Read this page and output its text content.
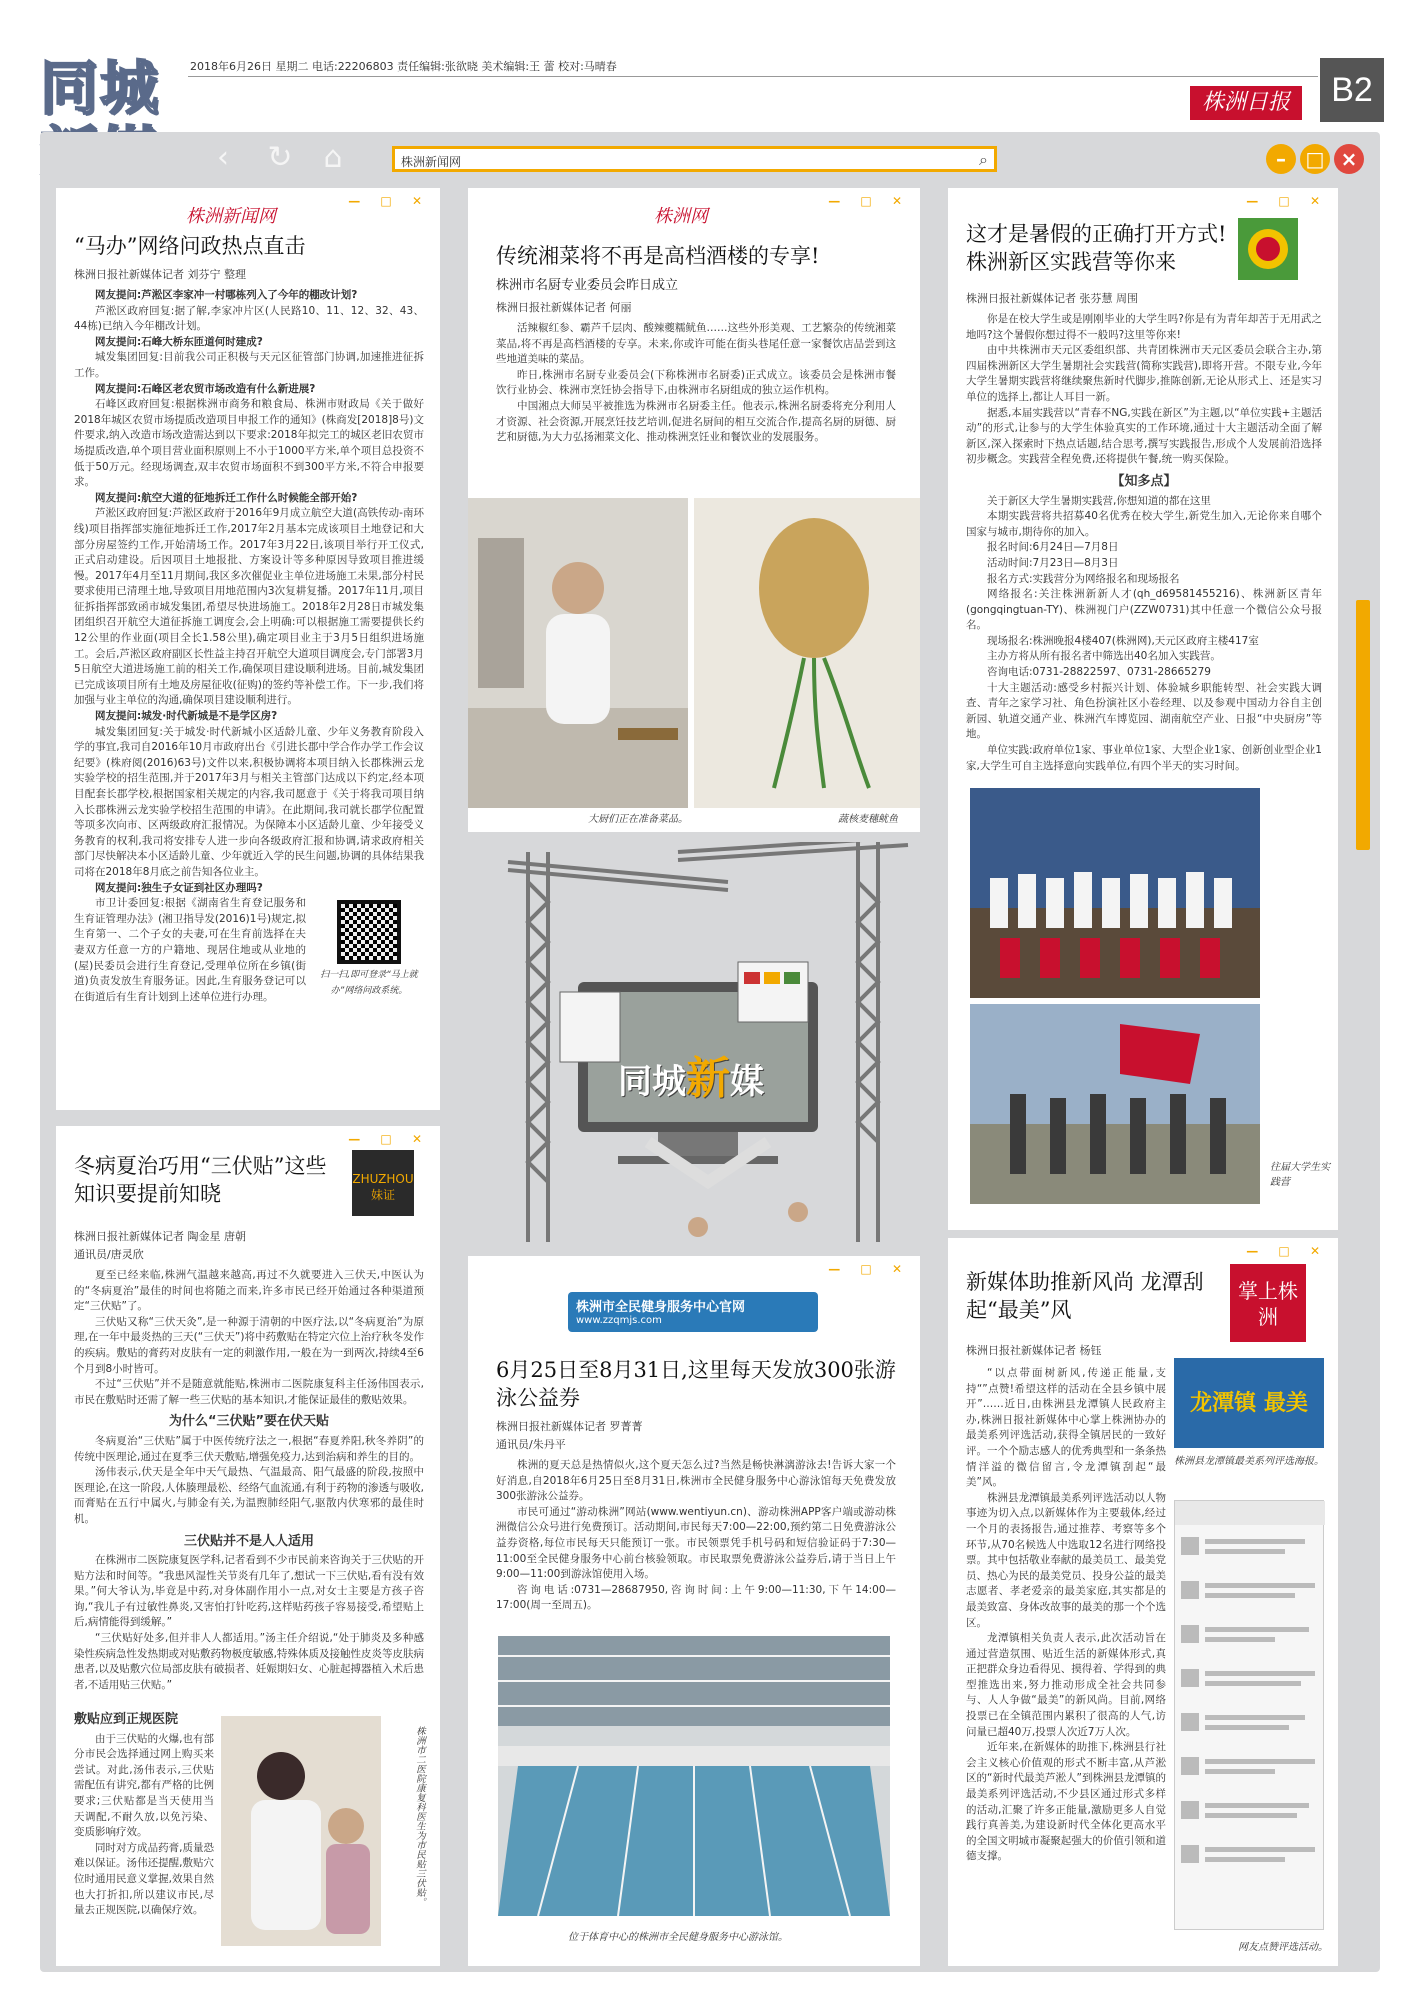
同城	2018年6月26日 星期二 电话:22206803 责任编辑:张欲晓 美术编辑:王 蕾 校对:马晴春
株洲日报	B2
‹	↻ ⌂	株洲新闻网	⌕	– □ ×
— □ ✕
株洲新闻网
“马办”网络问政热点直击
株洲日报社新媒体记者 刘芬宁 整理

网友提问:芦淞区李家冲一村哪栋列入了今年的棚改计划?

芦淞区政府回复:据了解,李家冲片区(人民路10、11、12、32、43、44栋)已纳入今年棚改计划。

网友提问:石峰大桥东匝道何时建成?

城发集团回复:目前我公司正积极与天元区征管部门协调,加速推进征拆工作。

网友提问:石峰区老农贸市场改造有什么新进展?

石峰区政府回复:根据株洲市商务和粮食局、株洲市财政局《关于做好2018年城区农贸市场提质改造项目申报工作的通知》(株商发[2018]8号)文件要求,纳入改造市场改造需达到以下要求:2018年拟完工的城区老旧农贸市场提质改造,单个项目营业面积原则上不小于1000平方米,单个项目总投资不低于50万元。经现场调查,双丰农贸市场面积不到300平方米,不符合申报要求。

网友提问:航空大道的征地拆迁工作什么时候能全部开始?

芦淞区政府回复:芦淞区政府于2016年9月成立航空大道(高铁传动-南环线)项目指挥部实施征地拆迁工作,2017年2月基本完成该项目土地登记和大部分房屋签约工作,开始清场工作。2017年3月22日,该项目举行开工仪式,正式启动建设。后因项目土地报批、方案设计等多种原因导致项目推进缓慢。2017年4月至11月期间,我区多次催促业主单位进场施工未果,部分村民要求使用已清理土地,导致项目用地范围内3次复耕复播。2017年11月,项目征拆指挥部致函市城发集团,希望尽快进场施工。2018年2月28日市城发集团组织召开航空大道征拆施工调度会,会上明确:可以根据施工需要提供长约12公里的作业面(项目全长1.58公里),确定项目业主于3月5日组织进场施工。会后,芦淞区政府副区长性益主持召开航空大道项目调度会,专门部署3月5日航空大道进场施工前的相关工作,确保项目建设顺利进场。目前,城发集团已完成该项目所有土地及房屋征收(征购)的签约等补偿工作。下一步,我们将加强与业主单位的沟通,确保项目建设顺利进行。

网友提问:城发·时代新城是不是学区房?

城发集团回复:关于城发·时代新城小区适龄儿童、少年义务教育阶段入学的事宜,我司自2016年10月市政府出台《引进长郡中学合作办学工作会议纪要》(株府阅(2016)63号)文件以来,积极协调将本项目纳入长郡株洲云龙实验学校的招生范围,并于2017年3月与相关主管部门达成以下约定,经本项目配套长郡学校,根据国家相关规定的内容,我司愿意于《关于将我司项目纳入长郡株洲云龙实验学校招生范围的申请》。在此期间,我司就长郡学位配置等项多次向市、区两级政府汇报情况。为保障本小区适龄儿童、少年接受义务教育的权利,我司将安排专人进一步向各级政府汇报和协调,请求政府相关部门尽快解决本小区适龄儿童、少年就近入学的民生问题,协调的具体结果我司将在2018年8月底之前告知各位业主。

网友提问:独生子女证到社区办理吗?

扫一扫,即可登录“马上就办”网络问政系统。

市卫计委回复:根据《湖南省生育登记服务和生育证管理办法》(湘卫指导发(2016)1号)规定,拟生育第一、二个子女的夫妻,可在生育前选择在夫妻双方任意一方的户籍地、现居住地或从业地的(屋)民委员会进行生育登记,受理单位所在乡镇(街道)负责发放生育服务证。因此,生育服务登记可以在街道后有生育计划到上述单位进行办理。

— □ ✕
株洲网
传统湘菜将不再是高档酒楼的专享!
株洲市名厨专业委员会昨日成立
株洲日报社新媒体记者 何丽

活辣椒红参、霸芦千层肉、酸辣夔糯鱿鱼……这些外形美观、工艺繁杂的传统湘菜菜品,将不再是高档酒楼的专享。未来,你或许可能在街头巷尾任意一家餐饮店品尝到这些地道美味的菜品。

昨日,株洲市名厨专业委员会(下称株洲市名厨委)正式成立。该委员会是株洲市餐饮行业协会、株洲市烹饪协会指导下,由株洲市名厨组成的独立运作机构。

中国湘点大师吴平被推选为株洲市名厨委主任。他表示,株洲名厨委将充分利用人才资源、社会资源,开展烹饪技艺培训,促进名厨间的相互交流合作,提高名厨的厨德、厨艺和厨德,为大力弘扬湘菜文化、推动株洲烹饪业和餐饮业的发展服务。

大厨们正在准备菜品。	蔬核麦穗鱿鱼
同城新媒
— □ ✕
这才是暑假的正确打开方式!株洲新区实践营等你来
株洲日报社新媒体记者 张芬慧 周围

你是在校大学生或是刚刚毕业的大学生吗?你是有为青年却苦于无用武之地吗?这个暑假你想过得不一般吗?这里等你来!

由中共株洲市天元区委组织部、共青团株洲市天元区委员会联合主办,第四届株洲新区大学生暑期社会实践营(简称实践营),即将开营。不限专业,今年大学生暑期实践营将继续聚焦新时代脚步,推陈创新,无论从形式上、还是实习单位的选择上,都让人耳目一新。

据悉,本届实践营以“青春不NG,实践在新区”为主题,以“单位实践+主题活动”的形式,让参与的大学生体验真实的工作环境,通过十大主题活动全面了解新区,深入探索时下热点话题,结合思考,撰写实践报告,形成个人发展前沿选择初步概念。实践营全程免费,还将提供午餐,统一购买保险。

【知多点】

关于新区大学生暑期实践营,你想知道的都在这里

本期实践营将共招募40名优秀在校大学生,新党生加入,无论你来自哪个国家与城市,期待你的加入。

报名时间:6月24日—7月8日

活动时间:7月23日—8月3日

报名方式:实践营分为网络报名和现场报名

网络报名:关注株洲新新人才(qh_d69581455216)、株洲新区青年(gongqingtuan-TY)、株洲视门户(ZZW0731)其中任意一个微信公众号报名。

现场报名:株洲晚报4楼407(株洲网),天元区政府主楼417室

主办方将从所有报名者中筛选出40名加入实践营。

咨询电话:0731-28822597、0731-28665279

十大主题活动:感受乡村振兴计划、体验城乡职能转型、社会实践大调查、青年之家学习社、角色扮演社区小卷经理、以及参观中国动力谷自主创新园、轨道交通产业、株洲汽车博览园、湖南航空产业、日报“中央厨房”等地。

单位实践:政府单位1家、事业单位1家、大型企业1家、创新创业型企业1家,大学生可自主选择意向实践单位,有四个半天的实习时间。

往届大学生实践营
— □ ✕
ZHUZHOU 妹证
冬病夏治巧用“三伏贴”这些知识要提前知晓
株洲日报社新媒体记者 陶金星 唐朝
通讯员/唐灵欣

夏至已经来临,株洲气温越来越高,再过不久就要进入三伏天,中医认为的“冬病夏治”最佳的时间也将随之而来,许多市民已经开始通过各种渠道预定“三伏贴”了。

三伏贴又称“三伏天灸”,是一种源于清朝的中医疗法,以“冬病夏治”为原理,在一年中最炎热的三天(“三伏天”)将中药敷贴在特定穴位上治疗秋冬发作的疾病。敷贴的膏药对皮肤有一定的刺激作用,一般在为一到两次,持续4至6个月到8小时皆可。

不过“三伏贴”并不是随意就能贴,株洲市二医院康复科主任汤伟国表示,市民在敷贴时还需了解一些三伏贴的基本知识,才能保证最佳的敷贴效果。

为什么“三伏贴”要在伏天贴

冬病夏治“三伏贴”属于中医传统疗法之一,根据“春夏养阳,秋冬养阴”的传统中医理论,通过在夏季三伏天敷贴,增强免疫力,达到治病和养生的目的。

汤伟表示,伏天是全年中天气最热、气温最高、阳气最盛的阶段,按照中医理论,在这一阶段,人体腠理最松、经络气血流通,有利于药物的渗透与吸收,而膏贴在五行中属火,与肺金有关,为温煦肺经阳气,驱散内伏寒邪的最佳时机。

三伏贴并不是人人适用

在株洲市二医院康复医学科,记者看到不少市民前来咨询关于三伏贴的开贴方法和时间等。“我患风湿性关节炎有几年了,想试一下三伏贴,看有没有效果。”何大爷认为,毕竟是中药,对身体副作用小一点,对女士主要是方孩子咨询,“我儿子有过敏性鼻炎,又害怕打针吃药,这样贴药孩子容易接受,希望贴上后,病情能得到缓解。”

“三伏贴好处多,但并非人人都适用。”汤主任介绍说,“处于肺炎及多种感染性疾病急性发热期或对贴敷药物极度敏感,特殊体质及接触性皮炎等皮肤病患者,以及贴敷穴位局部皮肤有破损者、妊娠期妇女、心脏起搏器植入术后患者,不适用贴三伏贴。”

敷贴应到正规医院

由于三伏贴的火爆,也有部分市民会选择通过网上购买来尝试。对此,汤伟表示,三伏贴需配伍有讲究,都有严格的比例要求;三伏贴都是当天使用当天调配,不耐久放,以免污染、变质影响疗效。

同时对方成品药膏,质量恐难以保证。汤伟还提醒,敷贴穴位时通用民意义掌握,效果自然也大打折扣,所以建议市民,尽量去正规医院,以确保疗效。

株洲市二医院康复科医生为市民贴三伏贴。
— □ ✕
株洲市全民健身服务中心官网
www.zzqmjs.com
6月25日至8月31日,这里每天发放300张游泳公益券
株洲日报社新媒体记者 罗菁菁
通讯员/朱丹平

株洲的夏天总是热情似火,这个夏天怎么过?当然是畅快淋漓游泳去!告诉大家一个好消息,自2018年6月25日至8月31日,株洲市全民健身服务中心游泳馆每天免费发放300张游泳公益券。

市民可通过“游动株洲”网站(www.wentiyun.cn)、游动株洲APP客户端或游动株洲微信公众号进行免费预订。活动期间,市民每天7:00—22:00,预约第二日免费游泳公益券资格,每位市民每天只能预订一张。市民领票凭手机号码和短信验证码于7:30—11:00至全民健身服务中心前台核验领取。市民取票免费游泳公益券后,请于当日上午9:00—11:00到游泳馆使用入场。

咨询电话:0731—28687950,咨询时间:上午9:00—11:30,下午14:00—17:00(周一至周五)。

位于体育中心的株洲市全民健身服务中心游泳馆。
— □ ✕
掌上株洲
新媒体助推新风尚 龙潭刮起“最美”风
株洲日报社新媒体记者 杨钰

“以点带面树新风,传递正能量,支持“”点赞!希望这样的活动在全县乡镇中展开”……近日,由株洲县龙潭镇人民政府主办,株洲日报社新媒体中心掌上株洲协办的最美系列评选活动,获得全镇居民的一致好评。一个个励志感人的优秀典型和一条条热情洋溢的微信留言,令龙潭镇刮起“最美”风。

株洲县龙潭镇最美系列评选活动以人物事迹为切入点,以新媒体作为主要载体,经过一个月的表扬报告,通过推荐、考察等多个环节,从70名候选人中选取12名进行网络投票。其中包括敬业奉献的最美员工、最美党员、热心为民的最美党员、投身公益的最美志愿者、孝老爱亲的最美家庭,其实都是的最美致富、身体改故事的最美的那一个个选区。

龙潭镇相关负责人表示,此次活动旨在通过营造氛围、贴近生活的新媒体形式,真正把群众身边看得见、摸得着、学得到的典型推选出来,努力推动形成全社会共同参与、人人争做“最美”的新风尚。目前,网络投票已在全镇范围内累积了很高的人气,访问量已超40万,投票人次近7万人次。

近年来,在新媒体的助推下,株洲县行社会主义核心价值观的形式不断丰富,从芦淞区的“新时代最美芦淞人”到株洲县龙潭镇的最美系列评选活动,不少县区通过形式多样的活动,汇聚了许多正能量,激励更多人自觉践行真善美,为建设新时代全体化更高水平的全国文明城市凝聚起强大的价值引领和道德支撑。

龙潭镇 最美
株洲县龙潭镇最美系列评选海报。
网友点赞评选活动。
